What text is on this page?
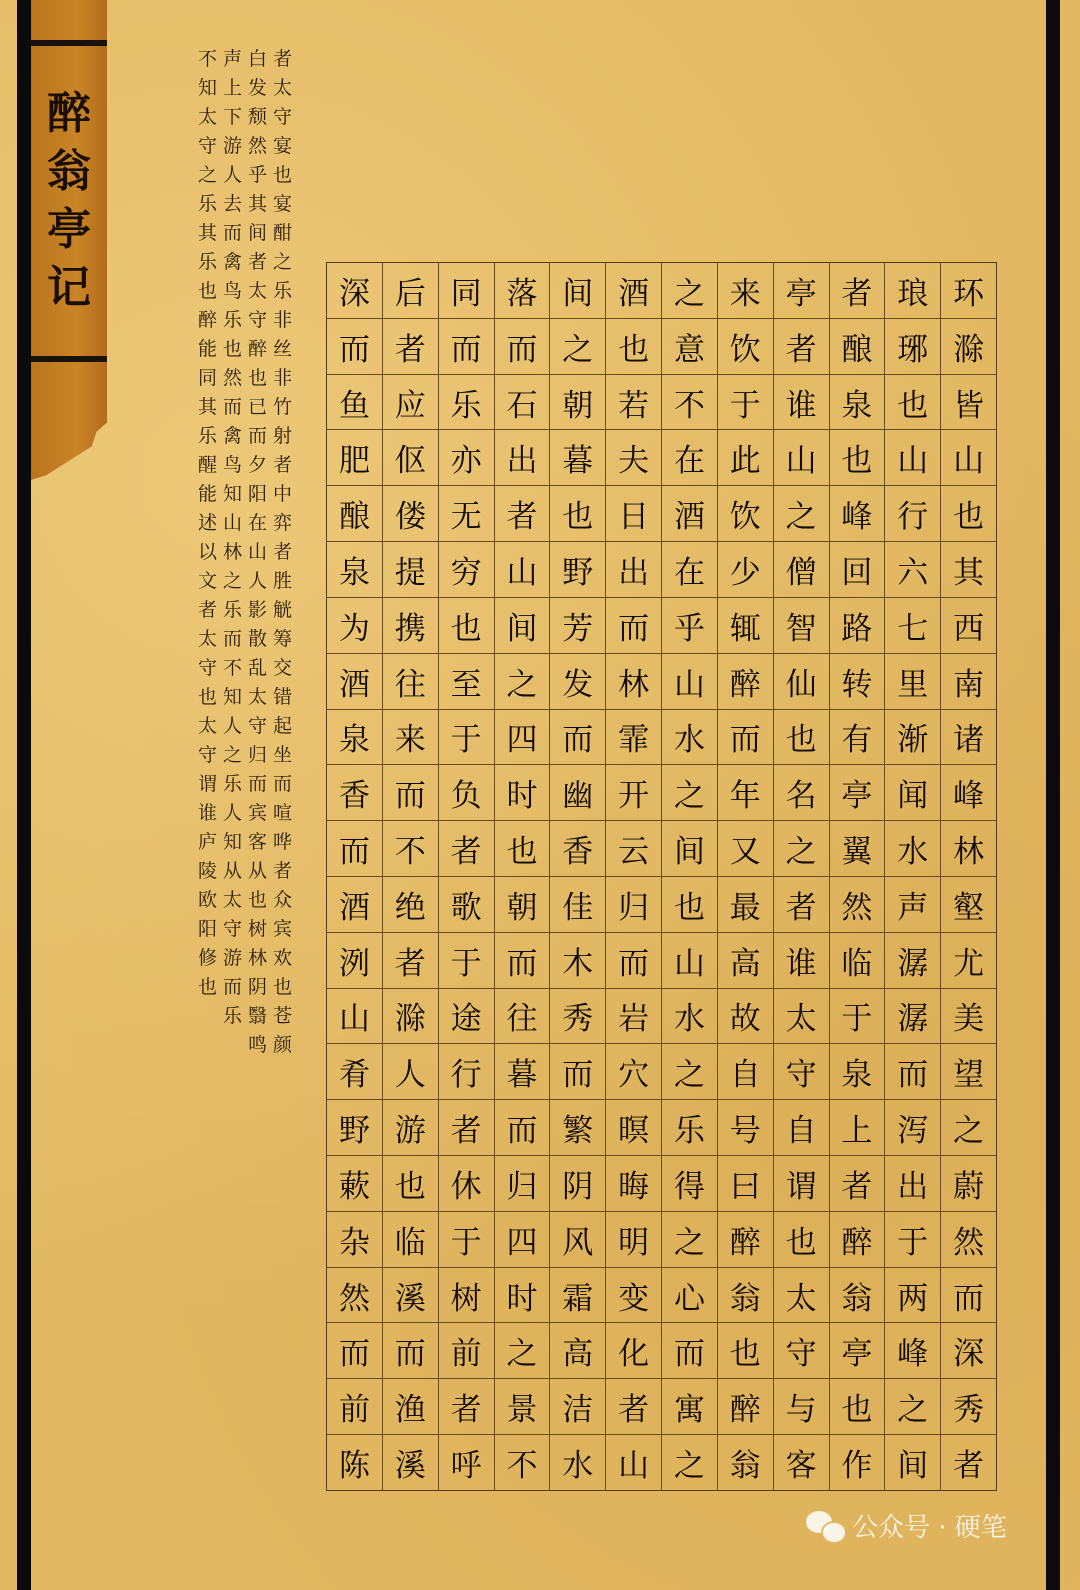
醉
翁
亭
记
者
太
守
宴
也
宴
酣
之
乐
非
丝
非
竹
射
者
中
弈
者
胜
觥
筹
交
错
起
坐
而
喧
哗
者
众
宾
欢
也
苍
颜
白
发
颓
然
乎
其
间
者
太
守
醉
也
已
而
夕
阳
在
山
人
影
散
乱
太
守
归
而
宾
客
从
也
树
林
阴
翳
鸣
声
上
下
游
人
去
而
禽
鸟
乐
也
然
而
禽
鸟
知
山
林
之
乐
而
不
知
人
之
乐
人
知
从
太
守
游
而
乐
不
知
太
守
之
乐
其
乐
也
醉
能
同
其
乐
醒
能
述
以
文
者
太
守
也
太
守
谓
谁
庐
陵
欧
阳
修
也
环
滁
皆
山
也
其
西
南
诸
峰
林
壑
尤
美
望
之
蔚
然
而
深
秀
者
琅
琊
也
山
行
六
七
里
渐
闻
水
声
潺
潺
而
泻
出
于
两
峰
之
间
者
酿
泉
也
峰
回
路
转
有
亭
翼
然
临
于
泉
上
者
醉
翁
亭
也
作
亭
者
谁
山
之
僧
智
仙
也
名
之
者
谁
太
守
自
谓
也
太
守
与
客
来
饮
于
此
饮
少
辄
醉
而
年
又
最
高
故
自
号
曰
醉
翁
也
醉
翁
之
意
不
在
酒
在
乎
山
水
之
间
也
山
水
之
乐
得
之
心
而
寓
之
酒
也
若
夫
日
出
而
林
霏
开
云
归
而
岩
穴
暝
晦
明
变
化
者
山
间
之
朝
暮
也
野
芳
发
而
幽
香
佳
木
秀
而
繁
阴
风
霜
高
洁
水
落
而
石
出
者
山
间
之
四
时
也
朝
而
往
暮
而
归
四
时
之
景
不
同
而
乐
亦
无
穷
也
至
于
负
者
歌
于
途
行
者
休
于
树
前
者
呼
后
者
应
伛
偻
提
携
往
来
而
不
绝
者
滁
人
游
也
临
溪
而
渔
溪
深
而
鱼
肥
酿
泉
为
酒
泉
香
而
酒
洌
山
肴
野
蔌
杂
然
而
前
陈
公众号 · 硬笔
